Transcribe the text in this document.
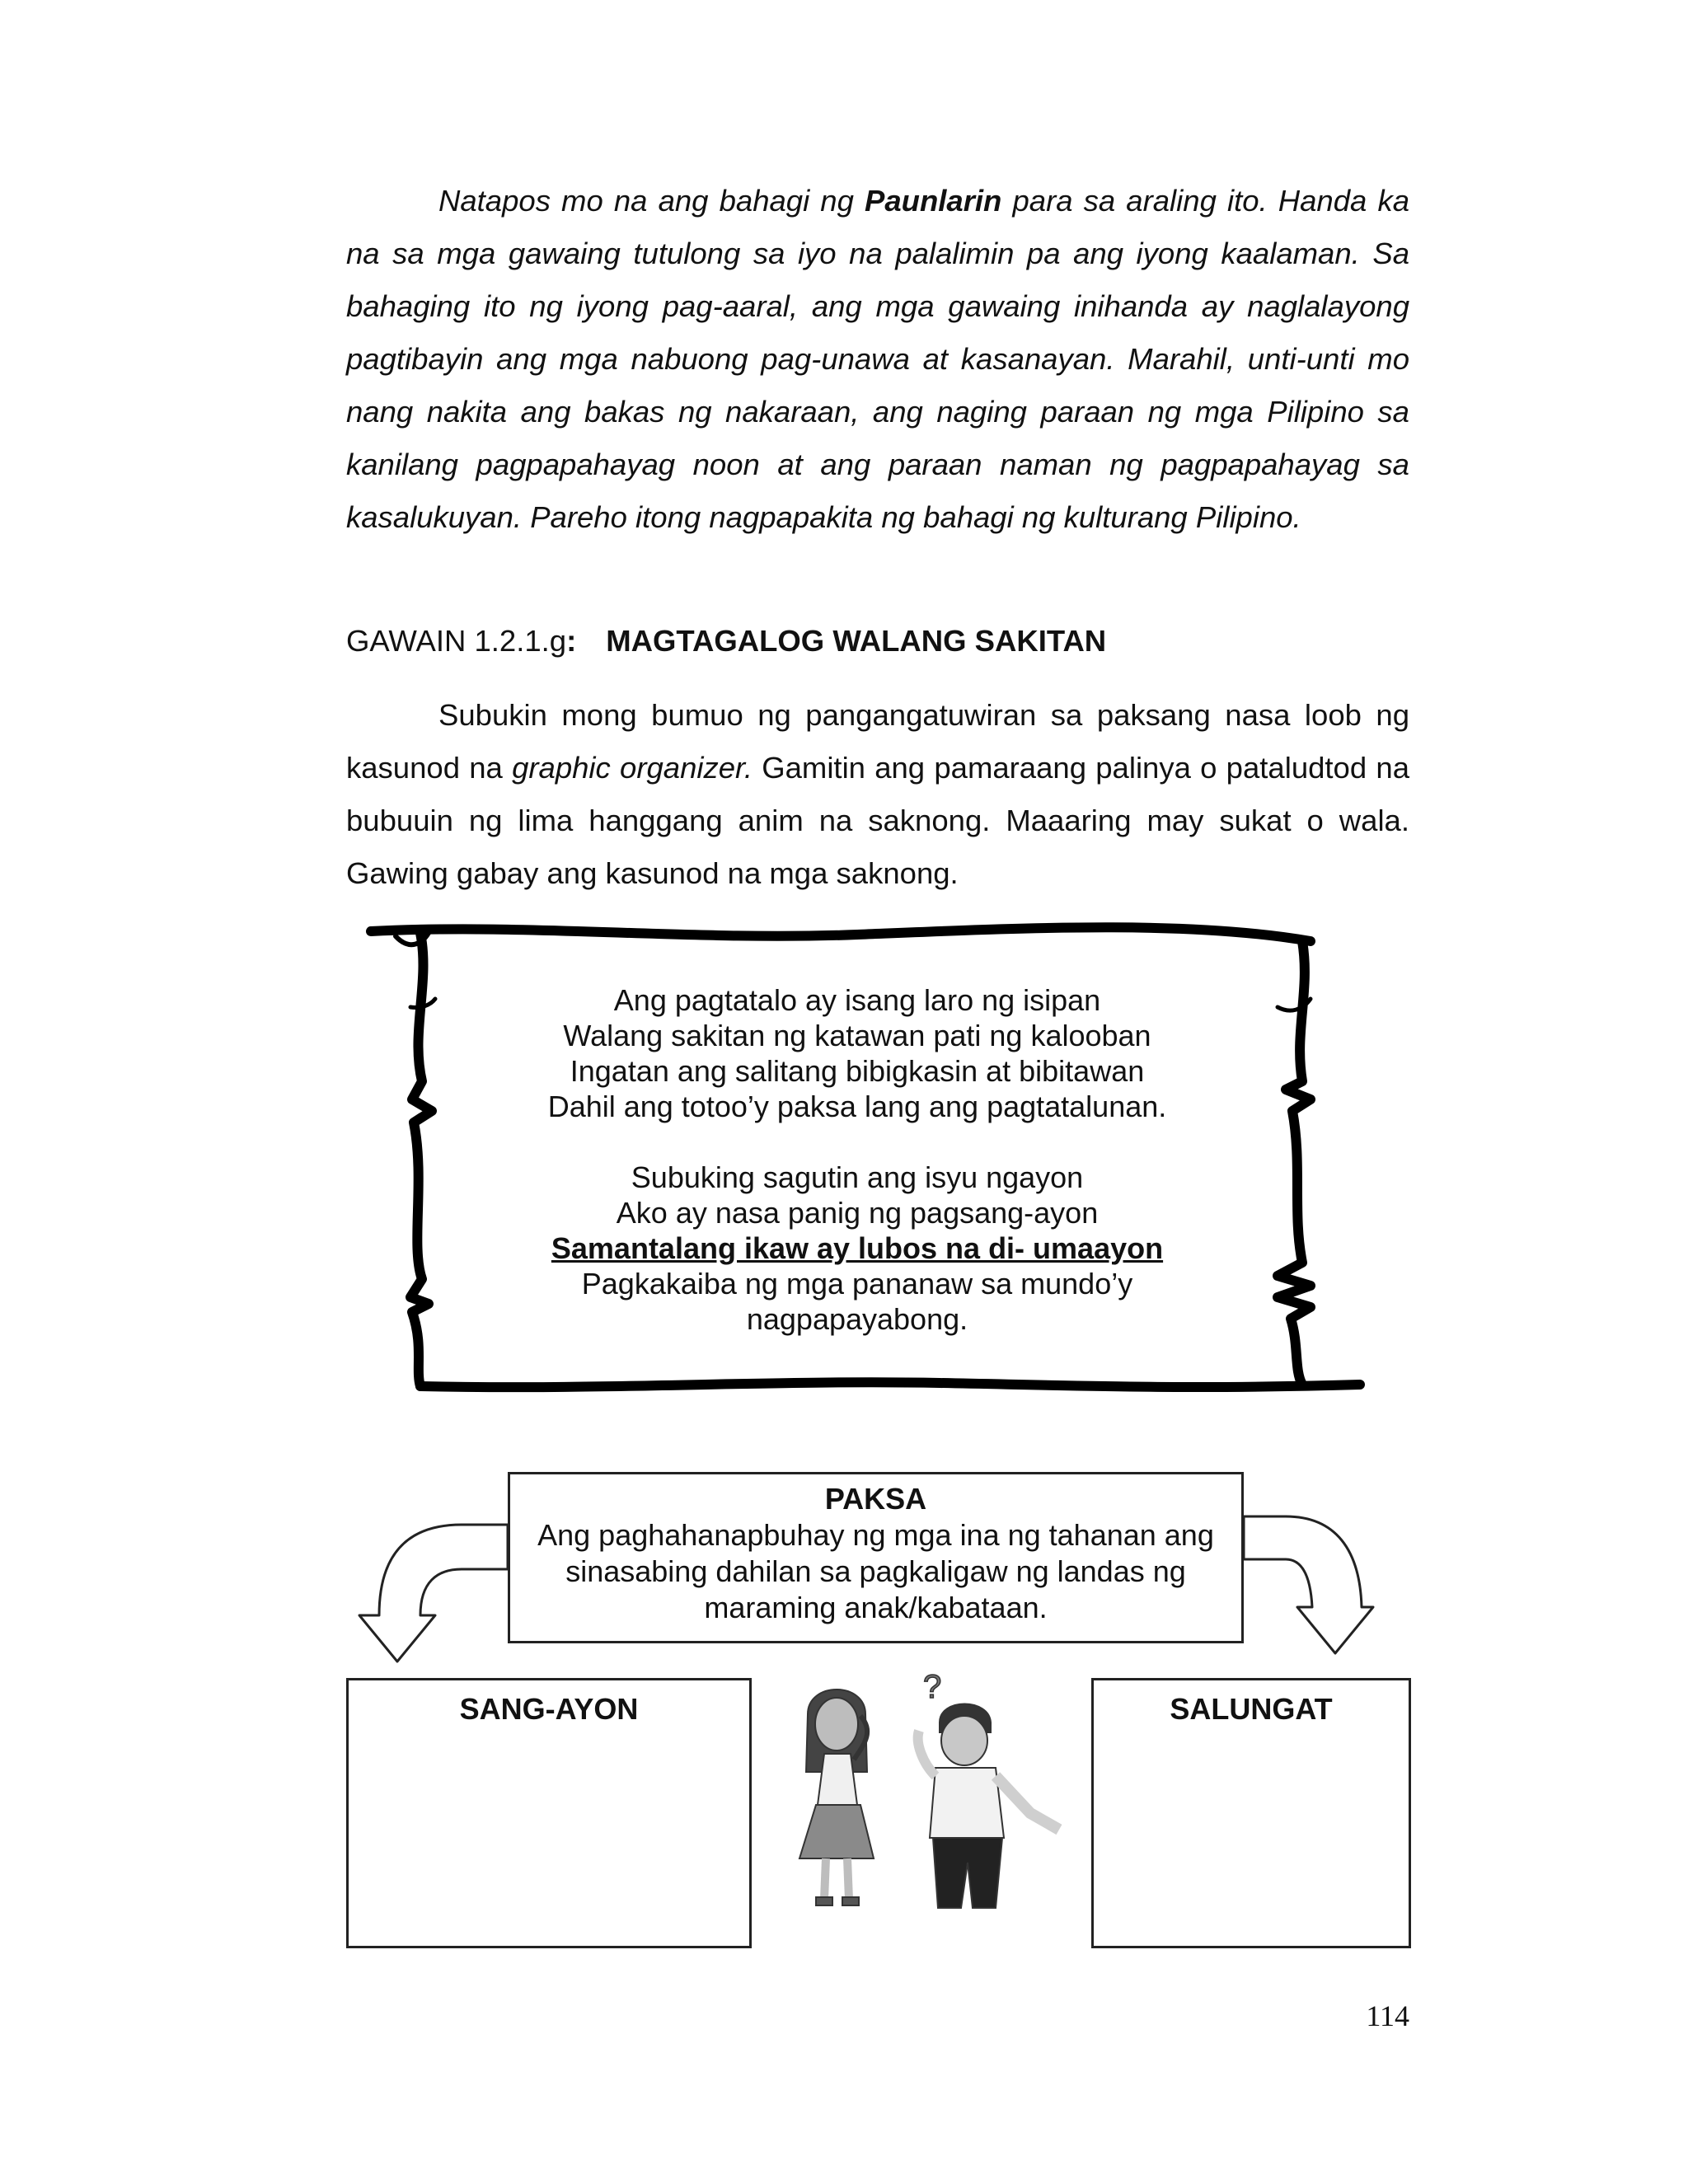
Natapos mo na ang bahagi ng Paunlarin para sa araling ito. Handa ka na sa mga gawaing tutulong sa iyo na palalimin pa ang iyong kaalaman. Sa bahaging ito ng iyong pag-aaral, ang mga gawaing inihanda ay naglalayong pagtibayin ang mga nabuong pag-unawa at kasanayan. Marahil, unti-unti mo nang nakita ang bakas ng nakaraan, ang naging paraan ng mga Pilipino sa kanilang pagpapahayag noon at ang paraan naman ng pagpapahayag sa kasalukuyan. Pareho itong nagpapakita ng bahagi ng kulturang Pilipino.

GAWAIN 1.2.1.g: MAGTAGALOG WALANG SAKITAN

Subukin mong bumuo ng pangangatuwiran sa paksang nasa loob ng kasunod na graphic organizer. Gamitin ang pamaraang palinya o pataludtod na bubuuin ng lima hanggang anim na saknong. Maaaring may sukat o wala. Gawing gabay ang kasunod na mga saknong.

Ang pagtatalo ay isang laro ng isipan
Walang sakitan ng katawan pati ng kalooban
Ingatan ang salitang bibigkasin at bibitawan
Dahil ang totoo’y paksa lang ang pagtatalunan.
Subuking sagutin ang isyu ngayon
Ako ay nasa panig ng pagsang-ayon
Samantalang ikaw ay lubos na di- umaayon
Pagkakaiba ng mga pananaw sa mundo’y
nagpapayabong.
PAKSA
Ang paghahanapbuhay ng mga ina ng tahanan ang sinasabing dahilan sa pagkaligaw ng landas ng maraming anak/kabataan.
SANG-AYON	SALUNGAT
?
114
